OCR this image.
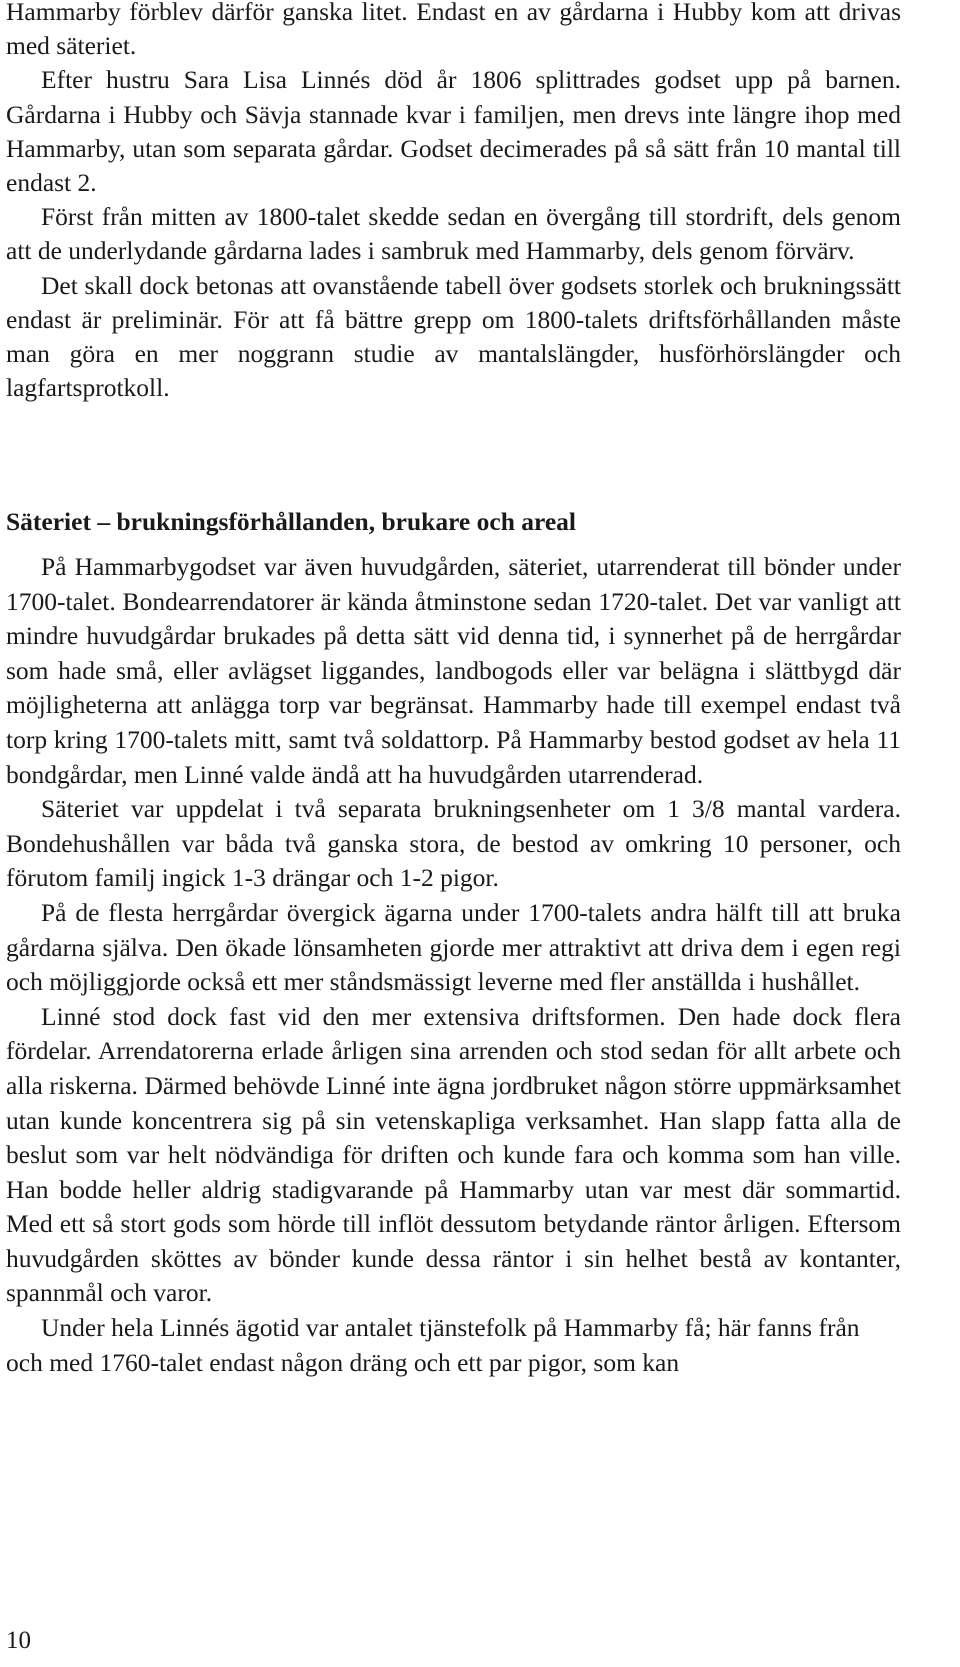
Hammarby förblev därför ganska litet. Endast en av gårdarna i Hubby kom att drivas med säteriet.

Efter hustru Sara Lisa Linnés död år 1806 splittrades godset upp på barnen. Gårdarna i Hubby och Sävja stannade kvar i familjen, men drevs inte längre ihop med Hammarby, utan som separata gårdar. Godset decimerades på så sätt från 10 mantal till endast 2.

Först från mitten av 1800-talet skedde sedan en övergång till stordrift, dels genom att de underlydande gårdarna lades i sambruk med Hammarby, dels genom förvärv.

Det skall dock betonas att ovanstående tabell över godsets storlek och brukningssätt endast är preliminär. För att få bättre grepp om 1800-talets driftsförhållanden måste man göra en mer noggrann studie av mantalslängder, husförhörslängder och lagfartsprotkoll.

Säteriet – brukningsförhållanden, brukare och areal

På Hammarbygodset var även huvudgården, säteriet, utarrenderat till bönder under 1700-talet. Bondearrendatorer är kända åtminstone sedan 1720-talet. Det var vanligt att mindre huvudgårdar brukades på detta sätt vid denna tid, i synnerhet på de herrgårdar som hade små, eller avlägset liggandes, landbogods eller var belägna i slättbygd där möjligheterna att anlägga torp var begränsat. Hammarby hade till exempel endast två torp kring 1700-talets mitt, samt två soldattorp. På Hammarby bestod godset av hela 11 bondgårdar, men Linné valde ändå att ha huvudgården utarrenderad.

Säteriet var uppdelat i två separata brukningsenheter om 1 3/8 mantal vardera. Bondehushållen var båda två ganska stora, de bestod av omkring 10 personer, och förutom familj ingick 1-3 drängar och 1-2 pigor.

På de flesta herrgårdar övergick ägarna under 1700-talets andra hälft till att bruka gårdarna själva. Den ökade lönsamheten gjorde mer attraktivt att driva dem i egen regi och möjliggjorde också ett mer ståndsmässigt leverne med fler anställda i hushållet.

Linné stod dock fast vid den mer extensiva driftsformen. Den hade dock flera fördelar. Arrendatorerna erlade årligen sina arrenden och stod sedan för allt arbete och alla riskerna. Därmed behövde Linné inte ägna jordbruket någon större uppmärksamhet utan kunde koncentrera sig på sin vetenskapliga verksamhet. Han slapp fatta alla de beslut som var helt nödvändiga för driften och kunde fara och komma som han ville. Han bodde heller aldrig stadigvarande på Hammarby utan var mest där sommartid. Med ett så stort gods som hörde till inflöt dessutom betydande räntor årligen. Eftersom huvudgården sköttes av bönder kunde dessa räntor i sin helhet bestå av kontanter, spannmål och varor.

Under hela Linnés ägotid var antalet tjänstefolk på Hammarby få; här fanns från och med 1760-talet endast någon dräng och ett par pigor, som kan

10
